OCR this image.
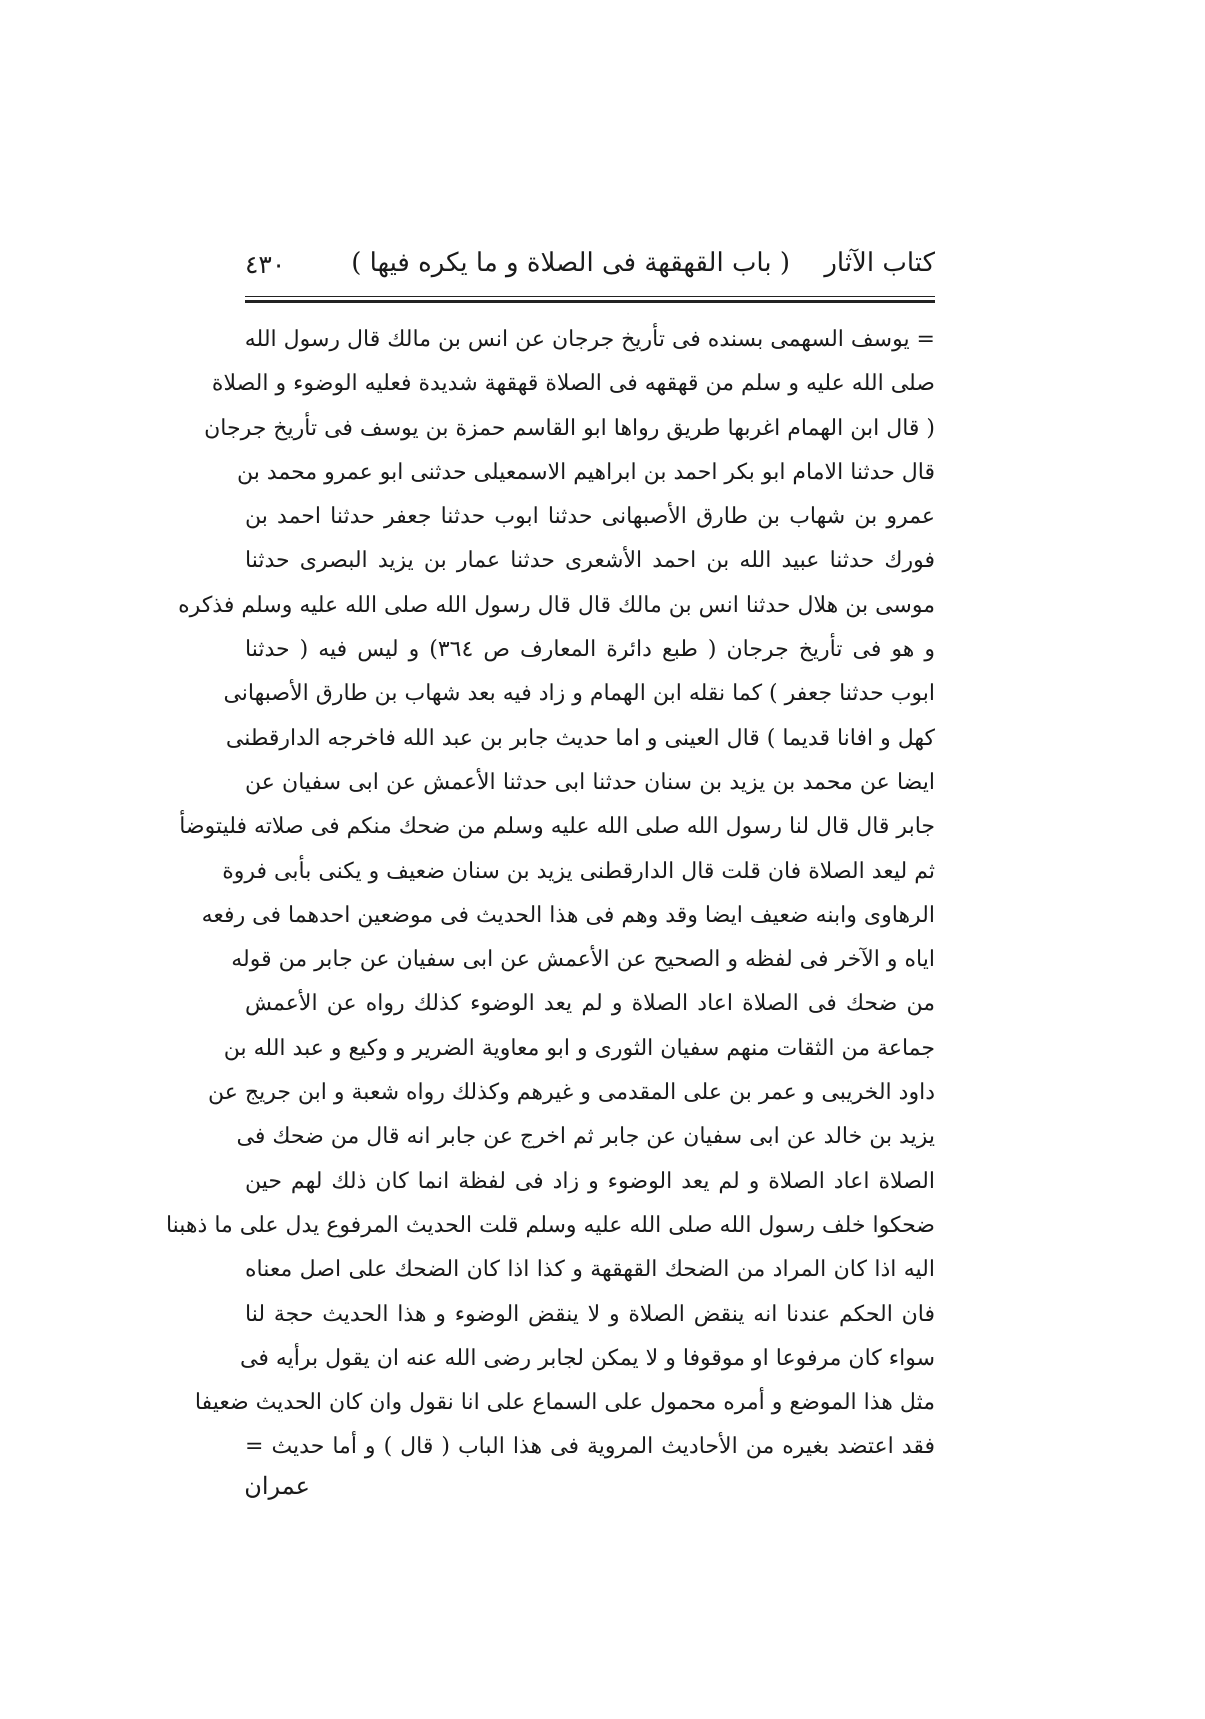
كتاب الآثار
( باب القهقهة فى الصلاة و ما يكره فيها )
٤٣٠
= يوسف السهمى بسنده فى تأريخ جرجان عن انس بن مالك قال رسول الله
صلى الله عليه و سلم من قهقهه فى الصلاة قهقهة شديدة فعليه الوضوء و الصلاة
( قال ابن الهمام اغربها طريق رواها ابو القاسم حمزة بن يوسف فى تأريخ جرجان
قال حدثنا الامام ابو بكر احمد بن ابراهيم الاسمعيلى حدثنى ابو عمرو محمد بن
عمرو بن شهاب بن طارق الأصبهانى حدثنا ابوب حدثنا جعفر حدثنا احمد بن
فورك حدثنا عبيد الله بن احمد الأشعرى حدثنا عمار بن يزيد البصرى حدثنا
موسى بن هلال حدثنا انس بن مالك قال قال رسول الله صلى الله عليه وسلم فذكره
و هو فى تأريخ جرجان ( طبع دائرة المعارف ص ٣٦٤) و ليس فيه ( حدثنا
ابوب حدثنا جعفر ) كما نقله ابن الهمام و زاد فيه بعد شهاب بن طارق الأصبهانى
كهل و افانا قديما ) قال العينى و اما حديث جابر بن عبد الله فاخرجه الدارقطنى
ايضا عن محمد بن يزيد بن سنان حدثنا ابى حدثنا الأعمش عن ابى سفيان عن
جابر قال قال لنا رسول الله صلى الله عليه وسلم من ضحك منكم فى صلاته فليتوضأ
ثم ليعد الصلاة فان قلت قال الدارقطنى يزيد بن سنان ضعيف و يكنى بأبى فروة
الرهاوى وابنه ضعيف ايضا وقد وهم فى هذا الحديث فى موضعين احدهما فى رفعه
اياه و الآخر فى لفظه و الصحيح عن الأعمش عن ابى سفيان عن جابر من قوله
من ضحك فى الصلاة اعاد الصلاة و لم يعد الوضوء كذلك رواه عن الأعمش
جماعة من الثقات منهم سفيان الثورى و ابو معاوية الضرير و وكيع و عبد الله بن
داود الخريبى و عمر بن على المقدمى و غيرهم وكذلك رواه شعبة و ابن جريج عن
يزيد بن خالد عن ابى سفيان عن جابر ثم اخرج عن جابر انه قال من ضحك فى
الصلاة اعاد الصلاة و لم يعد الوضوء و زاد فى لفظة انما كان ذلك لهم حين
ضحكوا خلف رسول الله صلى الله عليه وسلم قلت الحديث المرفوع يدل على ما ذهبنا
اليه اذا كان المراد من الضحك القهقهة و كذا اذا كان الضحك على اصل معناه
فان الحكم عندنا انه ينقض الصلاة و لا ينقض الوضوء و هذا الحديث حجة لنا
سواء كان مرفوعا او موقوفا و لا يمكن لجابر رضى الله عنه ان يقول برأيه فى
مثل هذا الموضع و أمره محمول على السماع على انا نقول وان كان الحديث ضعيفا
فقد اعتضد بغيره من الأحاديث المروية فى هذا الباب ( قال ) و أما حديث =
عمران
